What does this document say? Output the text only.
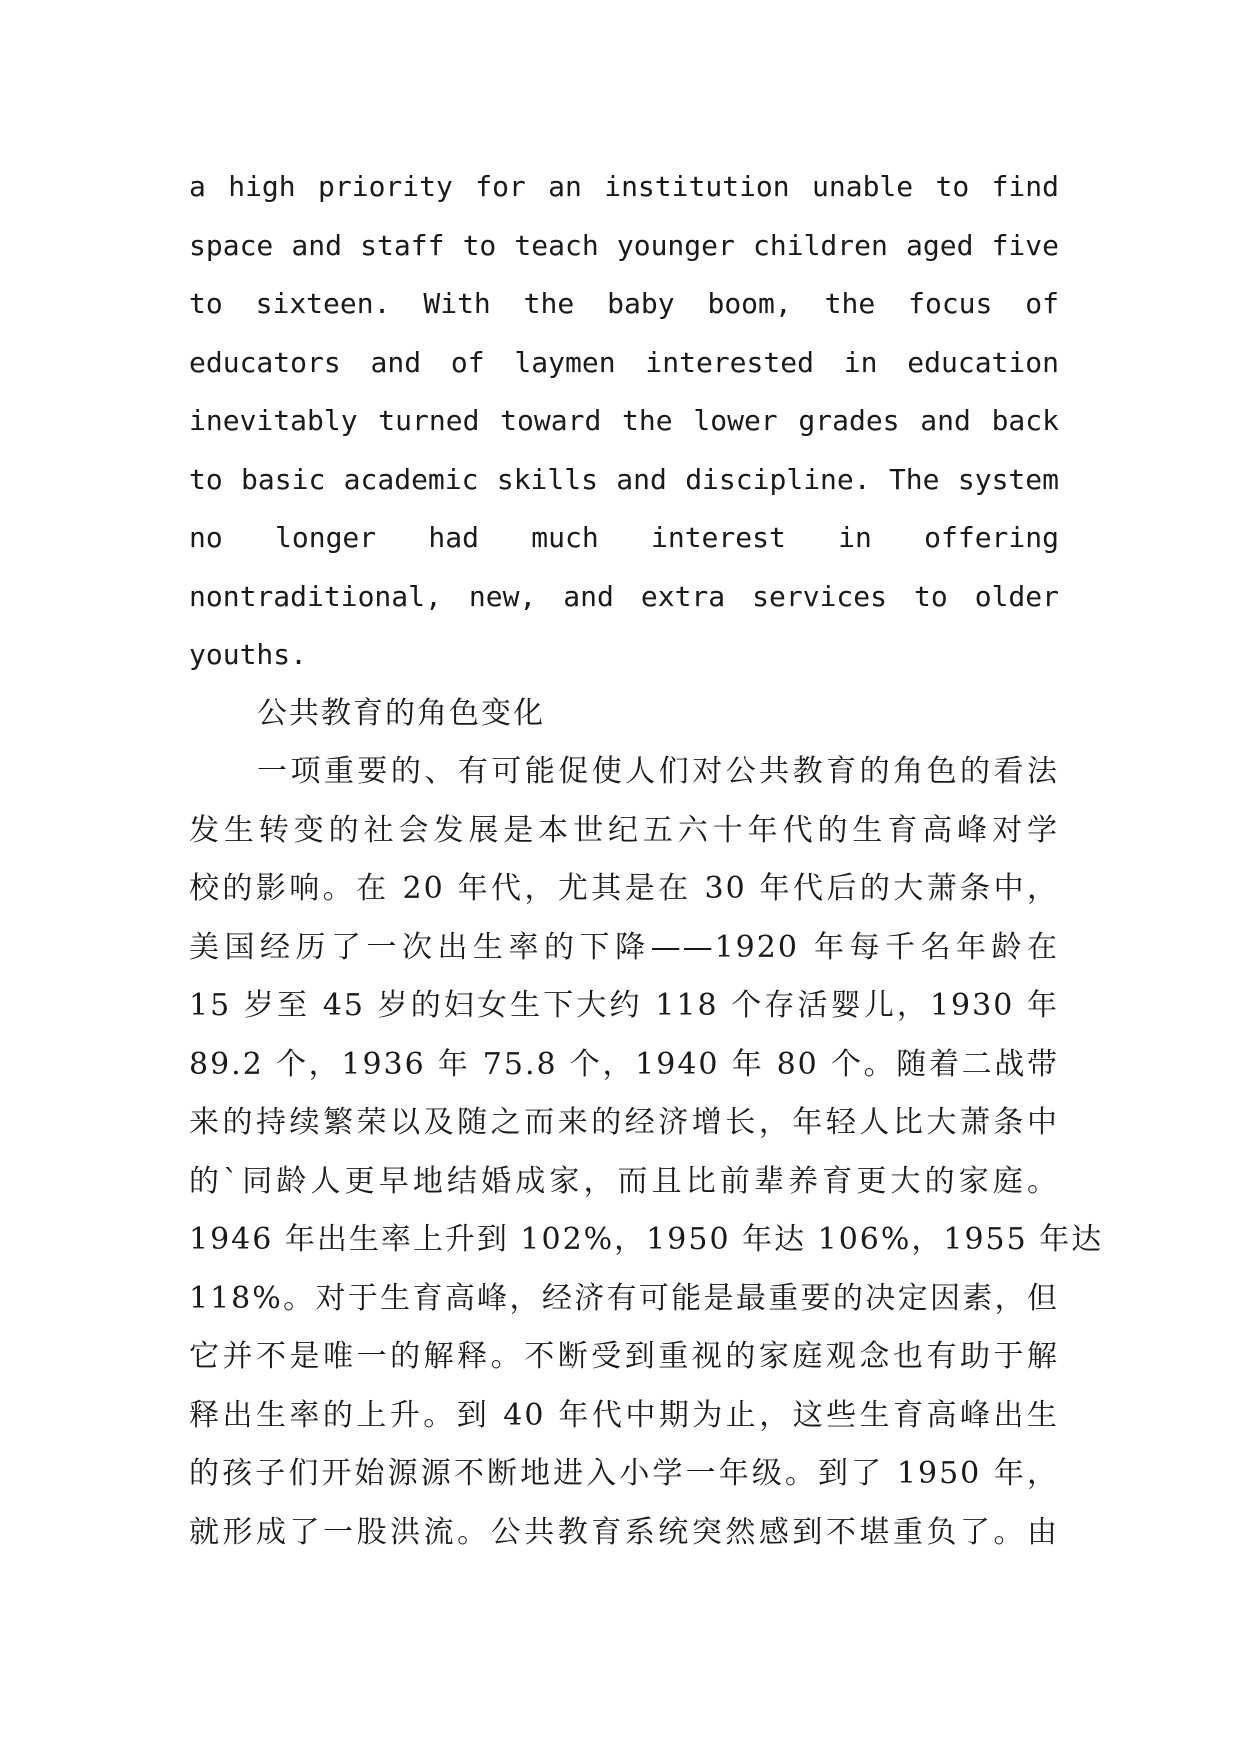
a high priority for an institution unable to find
space and staff to teach younger children aged five
to sixteen. With the baby boom, the focus of
educators and of laymen interested in education
inevitably turned toward the lower grades and back
to basic academic skills and discipline. The system
no longer had much interest in offering
nontraditional, new, and extra services to older
youths.
公共教育的角色变化
一项重要的、有可能促使人们对公共教育的角色的看法
发生转变的社会发展是本世纪五六十年代的生育高峰对学
校的影响。在 20 年代，尤其是在 30 年代后的大萧条中，
美国经历了一次出生率的下降——1920 年每千名年龄在
15 岁至 45 岁的妇女生下大约 118 个存活婴儿，1930 年
89.2 个，1936 年 75.8 个，1940 年 80 个。随着二战带
来的持续繁荣以及随之而来的经济增长，年轻人比大萧条中
的`同龄人更早地结婚成家，而且比前辈养育更大的家庭。
1946 年出生率上升到 102%，1950 年达 106%，1955 年达
118%。对于生育高峰，经济有可能是最重要的决定因素，但
它并不是唯一的解释。不断受到重视的家庭观念也有助于解
释出生率的上升。到 40 年代中期为止，这些生育高峰出生
的孩子们开始源源不断地进入小学一年级。到了 1950 年，
就形成了一股洪流。公共教育系统突然感到不堪重负了。由
